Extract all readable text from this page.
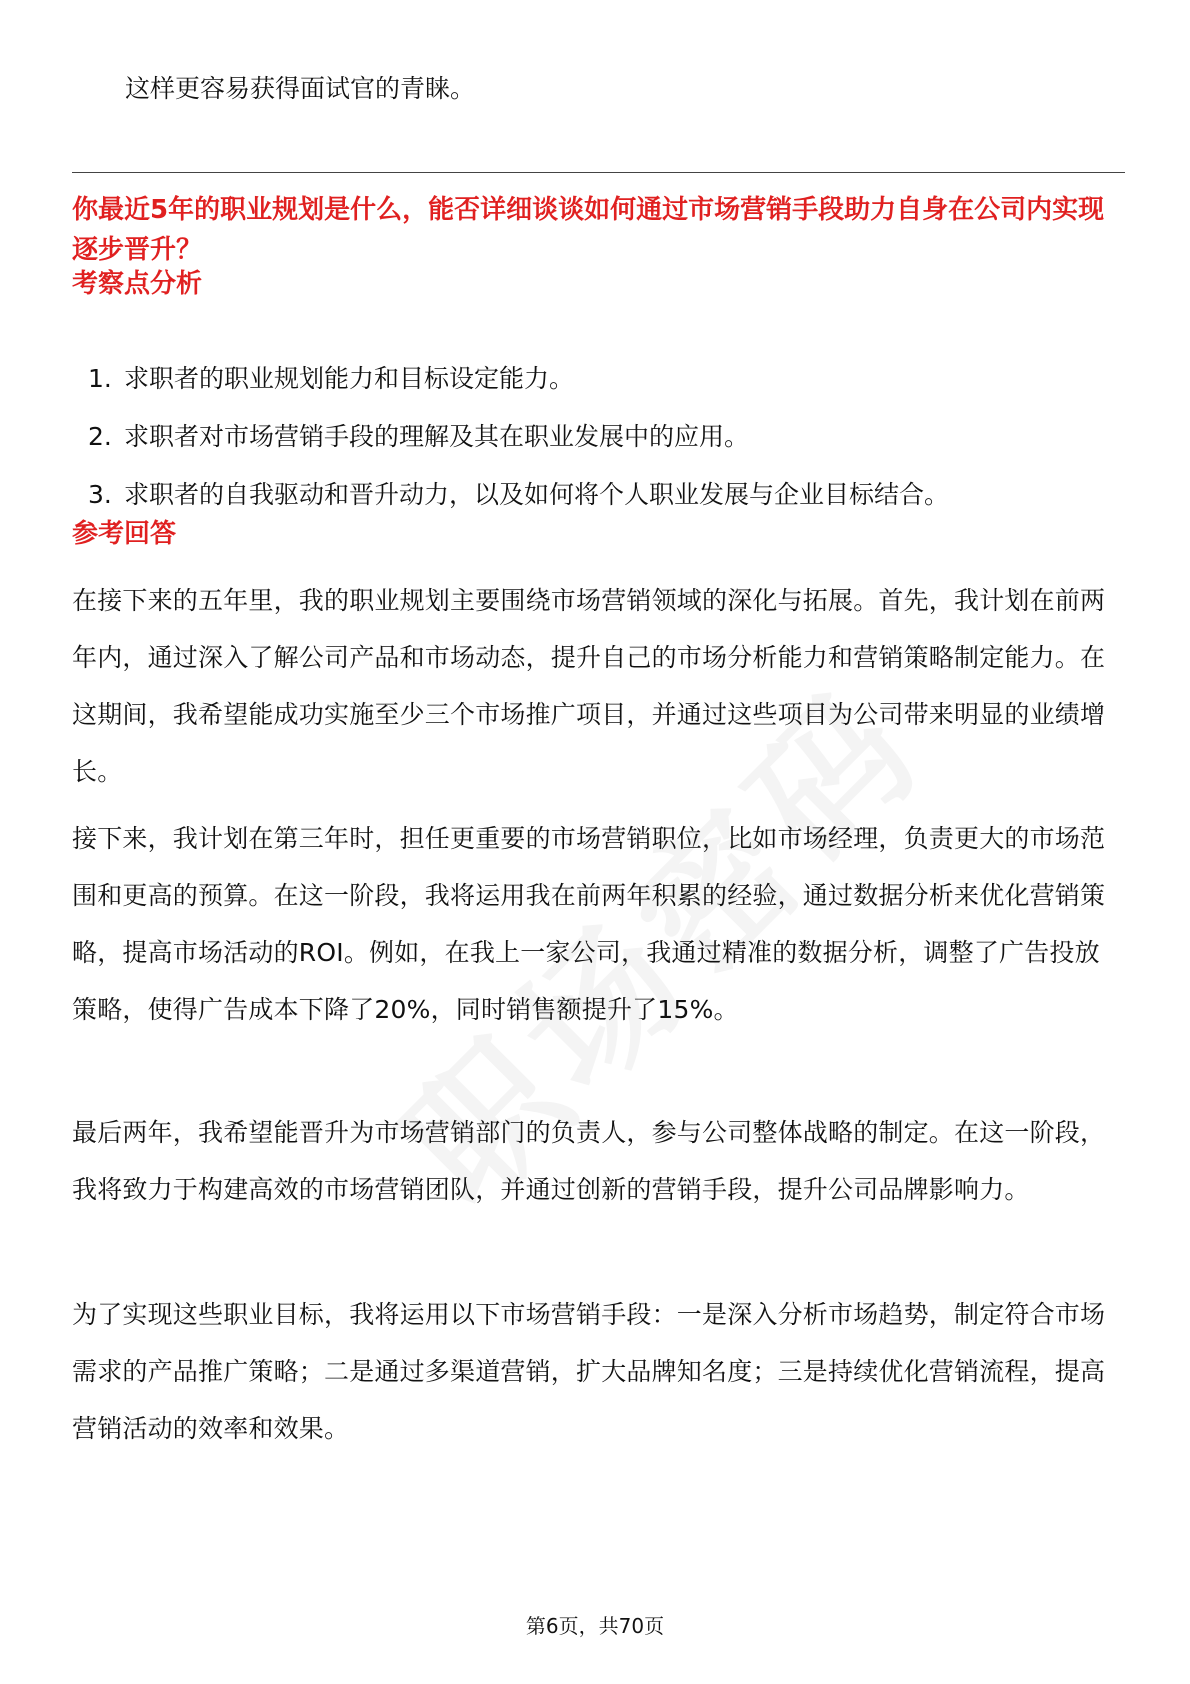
这样更容易获得面试官的青睐。

你最近5年的职业规划是什么，能否详细谈谈如何通过市场营销手段助力自身在公司内实现逐步晋升？
考察点分析
1. 求职者的职业规划能力和目标设定能力。
2. 求职者对市场营销手段的理解及其在职业发展中的应用。
3. 求职者的自我驱动和晋升动力，以及如何将个人职业发展与企业目标结合。
参考回答

在接下来的五年里，我的职业规划主要围绕市场营销领域的深化与拓展。首先，我计划在前两年内，通过深入了解公司产品和市场动态，提升自己的市场分析能力和营销策略制定能力。在这期间，我希望能成功实施至少三个市场推广项目，并通过这些项目为公司带来明显的业绩增长。

接下来，我计划在第三年时，担任更重要的市场营销职位，比如市场经理，负责更大的市场范围和更高的预算。在这一阶段，我将运用我在前两年积累的经验，通过数据分析来优化营销策略，提高市场活动的ROI。例如，在我上一家公司，我通过精准的数据分析，调整了广告投放策略，使得广告成本下降了20%，同时销售额提升了15%。

最后两年，我希望能晋升为市场营销部门的负责人，参与公司整体战略的制定。在这一阶段，我将致力于构建高效的市场营销团队，并通过创新的营销手段，提升公司品牌影响力。

为了实现这些职业目标，我将运用以下市场营销手段：一是深入分析市场趋势，制定符合市场需求的产品推广策略；二是通过多渠道营销，扩大品牌知名度；三是持续优化营销流程，提高营销活动的效率和效果。

第6页，共70页
